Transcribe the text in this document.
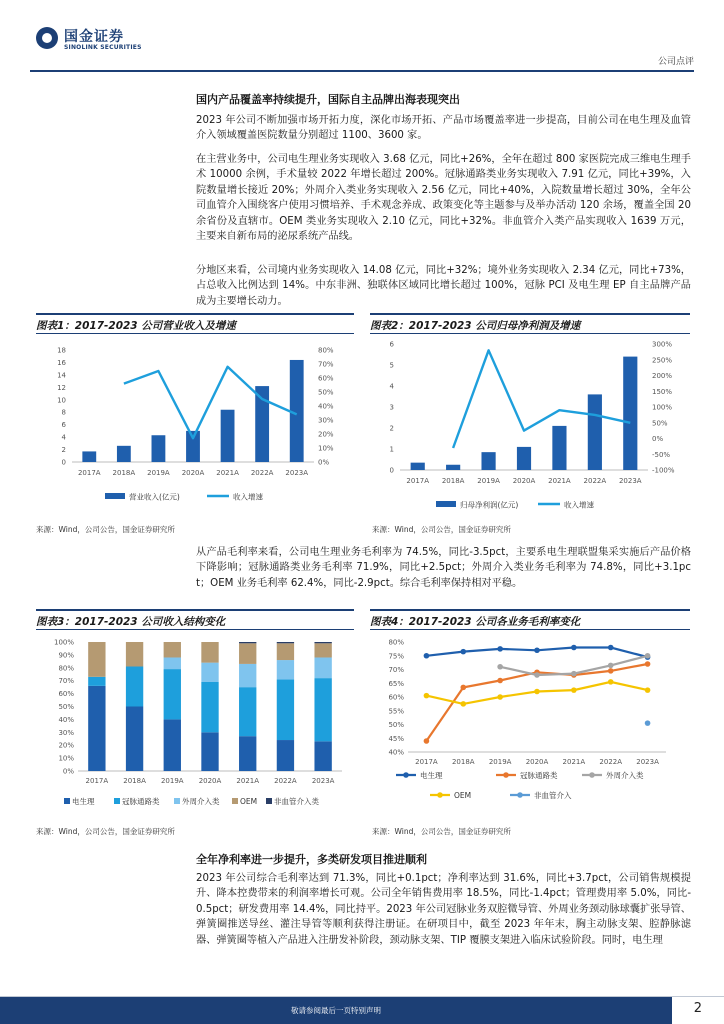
国金证券
SINOLINK SECURITIES
公司点评
国内产品覆盖率持续提升，国际自主品牌出海表现突出
2023 年公司不断加强市场开拓力度，深化市场开拓、产品市场覆盖率进一步提高，目前公司在电生理及血管介入领域覆盖医院数量分别超过 1100、3600 家。
在主营业务中，公司电生理业务实现收入 3.68 亿元，同比+26%，全年在超过 800 家医院完成三维电生理手术 10000 余例，手术量较 2022 年增长超过 200%。冠脉通路类业务实现收入 7.91 亿元，同比+39%，入院数量增长接近 20%；外周介入类业务实现收入 2.56 亿元，同比+40%，入院数量增长超过 30%，全年公司血管介入围绕客户使用习惯培养、手术观念养成、政策变化等主题参与及举办活动 120 余场，覆盖全国 20 余省份及直辖市。OEM 类业务实现收入 2.10 亿元，同比+32%。非血管介入类产品实现收入 1639 万元，主要来自新布局的泌尿系统产品线。
分地区来看，公司境内业务实现收入 14.08 亿元，同比+32%；境外业务实现收入 2.34 亿元，同比+73%，占总收入比例达到 14%。中东非洲、独联体区域同比增长超过 100%，冠脉 PCI 及电生理 EP 自主品牌产品成为主要增长动力。
图表1：2017-2023 公司营业收入及增速
0
2
4
6
8
10
12
14
16
18
0%
10%
20%
30%
40%
50%
60%
70%
80%
2017A 2018A 2019A 2020A 2021A 2022A 2023A
营业收入(亿元)	收入增速
来源：Wind，公司公告，国金证券研究所
图表2：2017-2023 公司归母净利润及增速
0
1
2
3
4
5
6
-100%
-50%
0%
50%
100%
150%
200%
250%
300%
2017A 2018A 2019A 2020A 2021A 2022A 2023A
归母净利润(亿元)	收入增速
来源：Wind，公司公告，国金证券研究所
从产品毛利率来看，公司电生理业务毛利率为 74.5%，同比-3.5pct，主要系电生理联盟集采实施后产品价格下降影响；冠脉通路类业务毛利率 71.9%，同比+2.5pct；外周介入类业务毛利率为 74.8%，同比+3.1pct；OEM 业务毛利率 62.4%，同比-2.9pct。综合毛利率保持相对平稳。
图表3：2017-2023 公司收入结构变化
0%
10%
20%
30%
40%
50%
60%
70%
80%
90%
100%
2017A 2018A 2019A 2020A 2021A 2022A 2023A
电生理	冠脉通路类	外周介入类	OEM 非血管介入类
来源：Wind，公司公告，国金证券研究所
图表4：2017-2023 公司各业务毛利率变化
40%
45%
50%
55%
60%
65%
70%
75%
80%
2017A 2018A 2019A 2020A 2021A 2022A 2023A
电生理	冠脉通路类	外周介入类
OEM	非血管介入
来源：Wind，公司公告，国金证券研究所
全年净利率进一步提升，多类研发项目推进顺利
2023 年公司综合毛利率达到 71.3%，同比+0.1pct；净利率达到 31.6%，同比+3.7pct，公司销售规模提升、降本控费带来的利润率增长可观。公司全年销售费用率 18.5%，同比-1.4pct；管理费用率 5.0%，同比-0.5pct；研发费用率 14.4%，同比持平。2023 年公司冠脉业务双腔微导管、外周业务颈动脉球囊扩张导管、弹簧圈推送导丝、灌注导管等顺利获得注册证。在研项目中，截至 2023 年年末，胸主动脉支架、腔静脉滤器、弹簧圈等植入产品进入注册发补阶段，颈动脉支架、TIP 覆膜支架进入临床试验阶段。同时，电生理
敬请参阅最后一页特别声明	2
